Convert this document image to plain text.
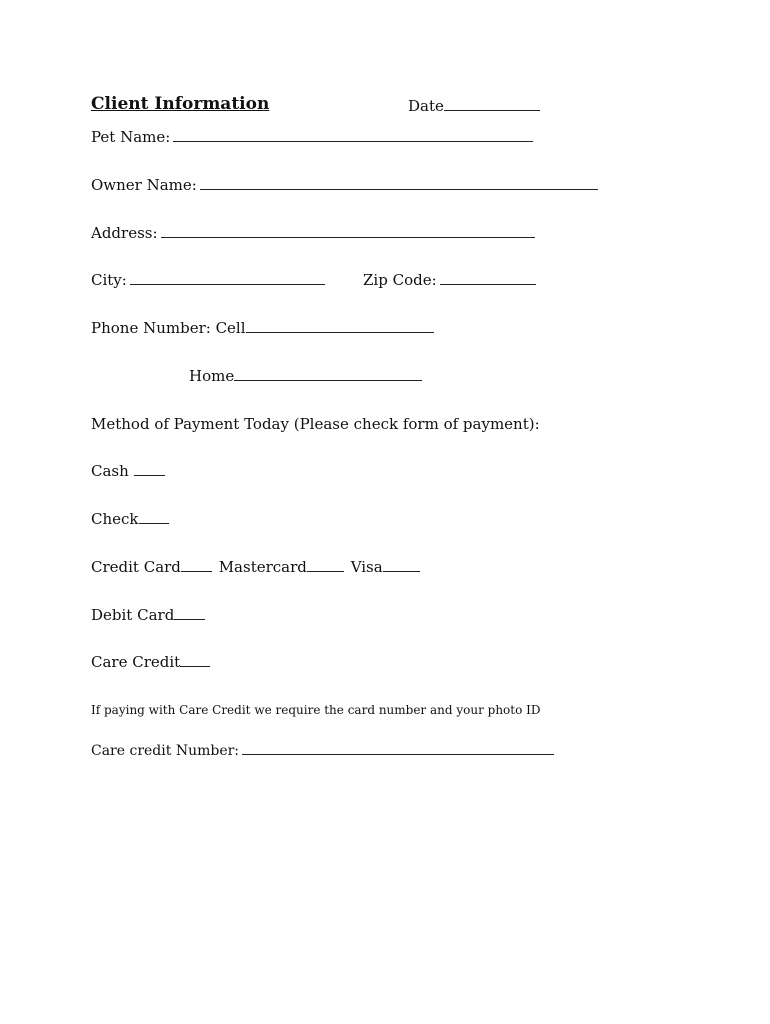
Client Information	Date
Pet Name:
Owner Name:
Address:
City:	Zip Code:
Phone Number: Cell
Home
Method of Payment Today (Please check form of payment):
Cash
Check
Credit Card	Mastercard	Visa
Debit Card
Care Credit
If paying with Care Credit we require the card number and your photo ID
Care credit Number:
